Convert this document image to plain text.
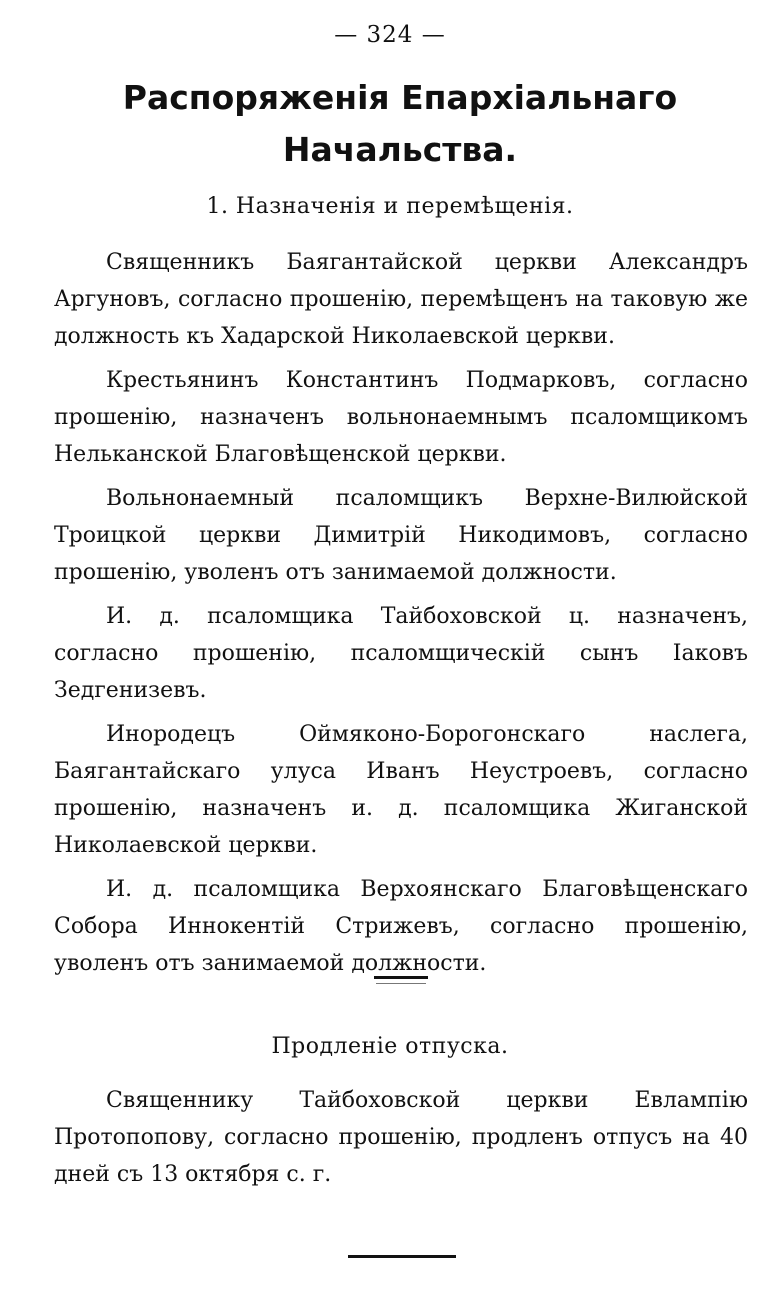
— 324 —
Распоряженія Епархіальнаго Начальства.
1. Назначенія и перемѣщенія.

Священникъ Баягантайской церкви Александръ Аргуновъ, согласно прошенію, перемѣщенъ на таковую же должность къ Хадарской Николаевской церкви.

Крестьянинъ Константинъ Подмарковъ, согласно прошенію, назначенъ вольнонаемнымъ псаломщикомъ Нельканской Благовѣщенской церкви.

Вольнонаемный псаломщикъ Верхне-Вилюйской Троицкой церкви Димитрій Никодимовъ, согласно прошенію, уволенъ отъ занимаемой должности.

И. д. псаломщика Тайбоховской ц. назначенъ, согласно прошенію, псаломщическій сынъ Іаковъ Зедгенизевъ.

Инородецъ Оймяконо-Борогонскаго наслега, Баягантайскаго улуса Иванъ Неустроевъ, согласно прошенію, назначенъ и. д. псаломщика Жиганской Николаевской церкви.

И. д. псаломщика Верхоянскаго Благовѣщенскаго Собора Иннокентій Стрижевъ, согласно прошенію, уволенъ отъ занимаемой должности.

Продленіе отпуска.

Священнику Тайбоховской церкви Евлампію Протопопову, согласно прошенію, продленъ отпусъ на 40 дней съ 13 октября с. г.
